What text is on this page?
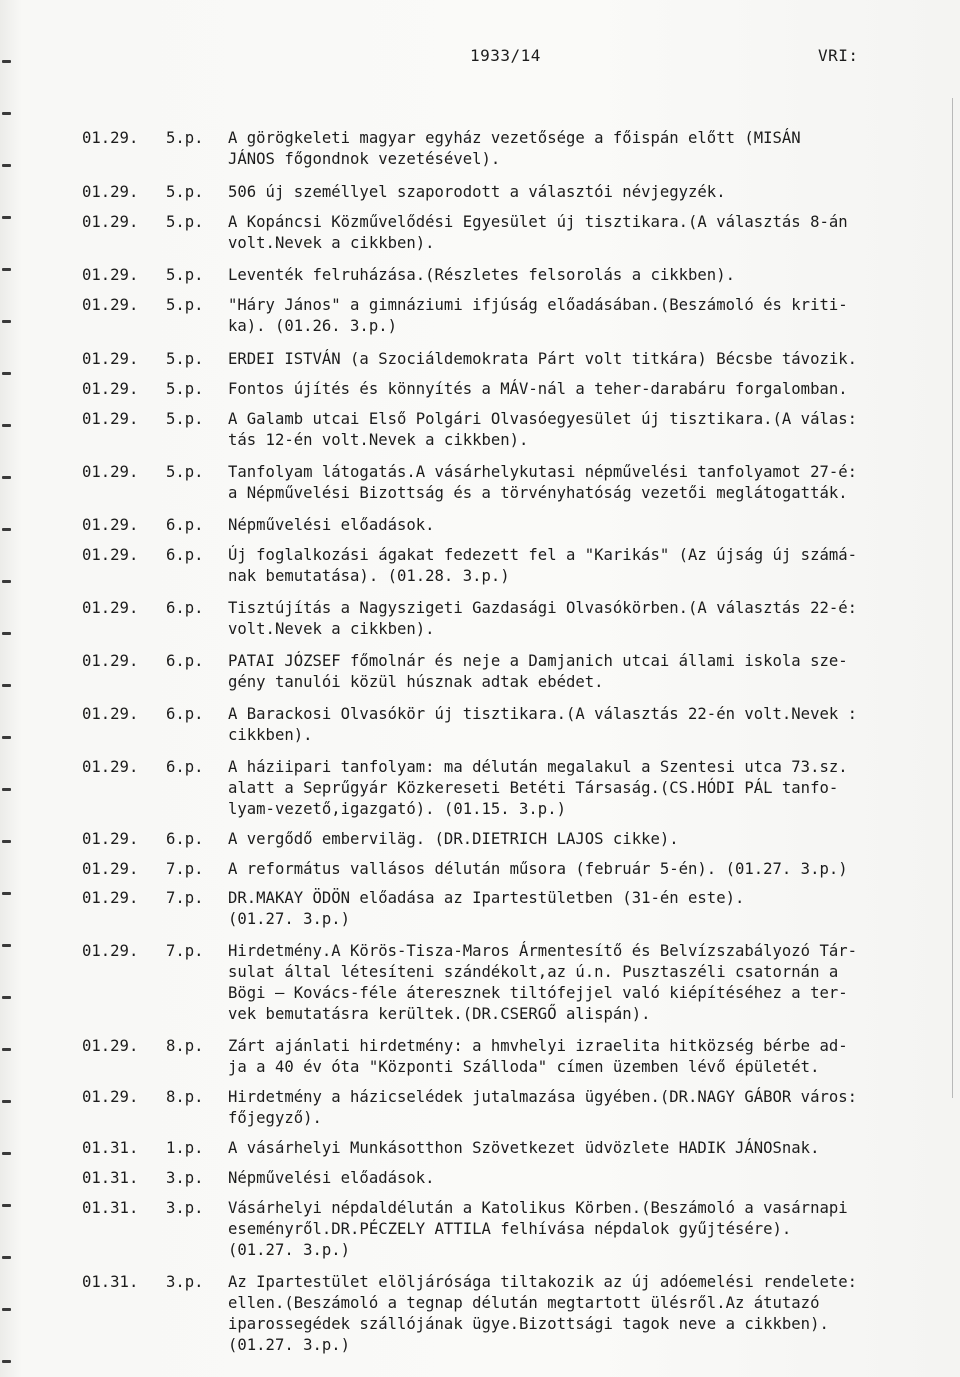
1933/14	VRI:
01.29.	5.p.	A görögkeleti magyar egyház vezetősége a főispán előtt (MISÁN
JÁNOS főgondnok vezetésével).
01.29.	5.p.	506 új személlyel szaporodott a választói névjegyzék.
01.29.	5.p.	A Kopáncsi Közművelődési Egyesület új tisztikara.(A választás 8-án
volt.Nevek a cikkben).
01.29.	5.p.	Leventék felruházása.(Részletes felsorolás a cikkben).
01.29.	5.p.	"Háry János" a gimnáziumi ifjúság előadásában.(Beszámoló és kriti-
ka). (01.26. 3.p.)
01.29.	5.p.	ERDEI ISTVÁN (a Szociáldemokrata Párt volt titkára) Bécsbe távozik.
01.29.	5.p.	Fontos újítés és könnyítés a MÁV-nál a teher-darabáru forgalomban.
01.29.	5.p.	A Galamb utcai Első Polgári Olvasóegyesület új tisztikara.(A válas:
tás 12-én volt.Nevek a cikkben).
01.29.	5.p.	Tanfolyam látogatás.A vásárhelykutasi népművelési tanfolyamot 27-é:
a Népművelési Bizottság és a törvényhatóság vezetői meglátogatták.
01.29.	6.p.	Népművelési előadások.
01.29.	6.p.	Új foglalkozási ágakat fedezett fel a "Karikás" (Az újság új számá-
nak bemutatása). (01.28. 3.p.)
01.29.	6.p.	Tisztújítás a Nagyszigeti Gazdasági Olvasókörben.(A választás 22-é:
volt.Nevek a cikkben).
01.29.	6.p.	PATAI JÓZSEF főmolnár és neje a Damjanich utcai állami iskola sze-
gény tanulói közül húsznak adtak ebédet.
01.29.	6.p.	A Barackosi Olvasókör új tisztikara.(A választás 22-én volt.Nevek :
cikkben).
01.29.	6.p.	A háziipari tanfolyam: ma délután megalakul a Szentesi utca 73.sz.
alatt a Seprűgyár Közkereseti Betéti Társaság.(CS.HÓDI PÁL tanfo-
lyam-vezető,igazgató). (01.15. 3.p.)
01.29.	6.p.	A vergődő emberviläg. (DR.DIETRICH LAJOS cikke).
01.29.	7.p.	A református vallásos délután műsora (február 5-én). (01.27. 3.p.)
01.29.	7.p.	DR.MAKAY ÖDÖN előadása az Ipartestületben (31-én este).
(01.27. 3.p.)
01.29.	7.p.	Hirdetmény.A Körös-Tisza-Maros Ármentesítő és Belvízszabályozó Tár-
sulat által létesíteni szándékolt,az ú.n. Pusztaszéli csatornán a
Bögi – Kovács-féle áteresznek tiltófejjel való kiépítéséhez a ter-
vek bemutatásra kerültek.(DR.CSERGŐ alispán).
01.29.	8.p.	Zárt ajánlati hirdetmény: a hmvhelyi izraelita hitközség bérbe ad-
ja a 40 év óta "Központi Szálloda" címen üzemben lévő épületét.
01.29.	8.p.	Hirdetmény a házicselédek jutalmazása ügyében.(DR.NAGY GÁBOR város:
főjegyző).
01.31.	1.p.	A vásárhelyi Munkásotthon Szövetkezet üdvözlete HADIK JÁNOSnak.
01.31.	3.p.	Népművelési előadások.
01.31.	3.p.	Vásárhelyi népdaldélután a Katolikus Körben.(Beszámoló a vasárnapi
eseményről.DR.PÉCZELY ATTILA felhívása népdalok gyűjtésére).
(01.27. 3.p.)
01.31.	3.p.	Az Ipartestület elöljárósága tiltakozik az új adóemelési rendelete:
ellen.(Beszámoló a tegnap délután megtartott ülésről.Az átutazó
iparossegédek szállójának ügye.Bizottsági tagok neve a cikkben).
(01.27. 3.p.)
